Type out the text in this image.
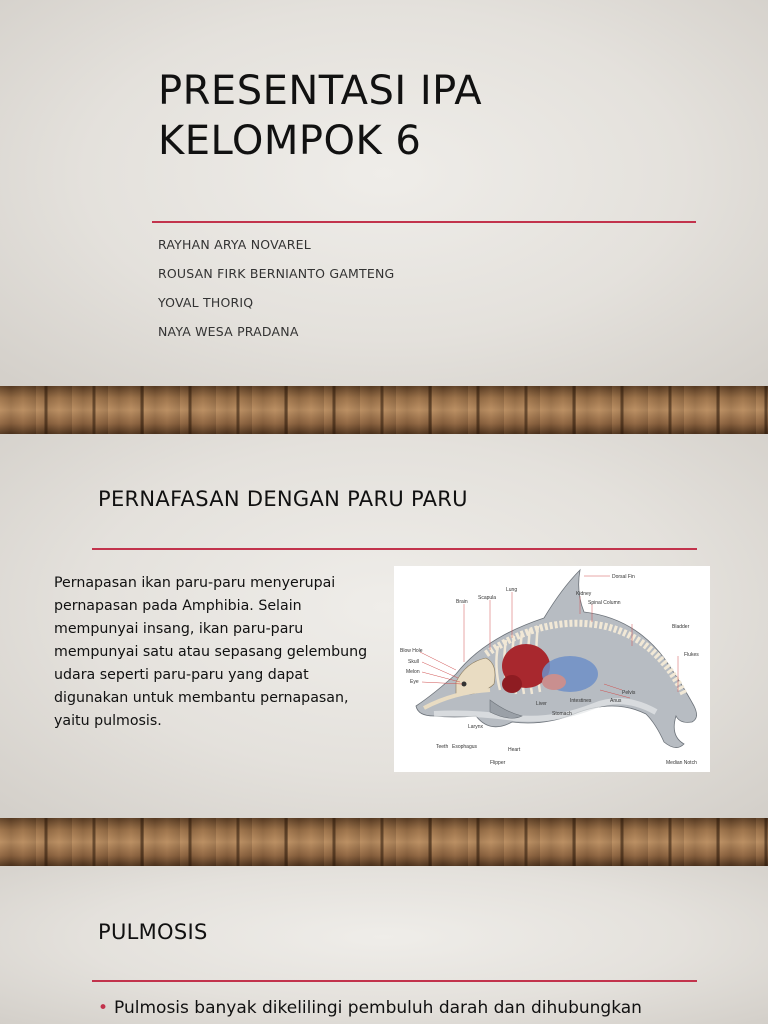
PRESENTASI IPA
KELOMPOK 6
RAYHAN ARYA NOVAREL
ROUSAN FIRK BERNIANTO GAMTENG
YOVAL THORIQ
NAYA WESA PRADANA
PERNAFASAN DENGAN PARU PARU
Pernapasan ikan paru-paru menyerupai
pernapasan pada Amphibia. Selain
mempunyai insang, ikan paru-paru
mempunyai satu atau sepasang gelembung
udara seperti paru-paru yang dapat
digunakan untuk membantu pernapasan,
yaitu pulmosis.
Dorsal Fin
Kidney
Spinal Column
Lung
Scapula
Brain
Bladder
Flukes
Blow Hole
Skull
Melon
Eye
Pelvis
Anus
Intestines
Liver
Stomach
Larynx
Teeth Esophagus	Heart
Flipper	Median Notch
PULMOSIS
• Pulmosis banyak dikelilingi pembuluh darah dan dihubungkan
